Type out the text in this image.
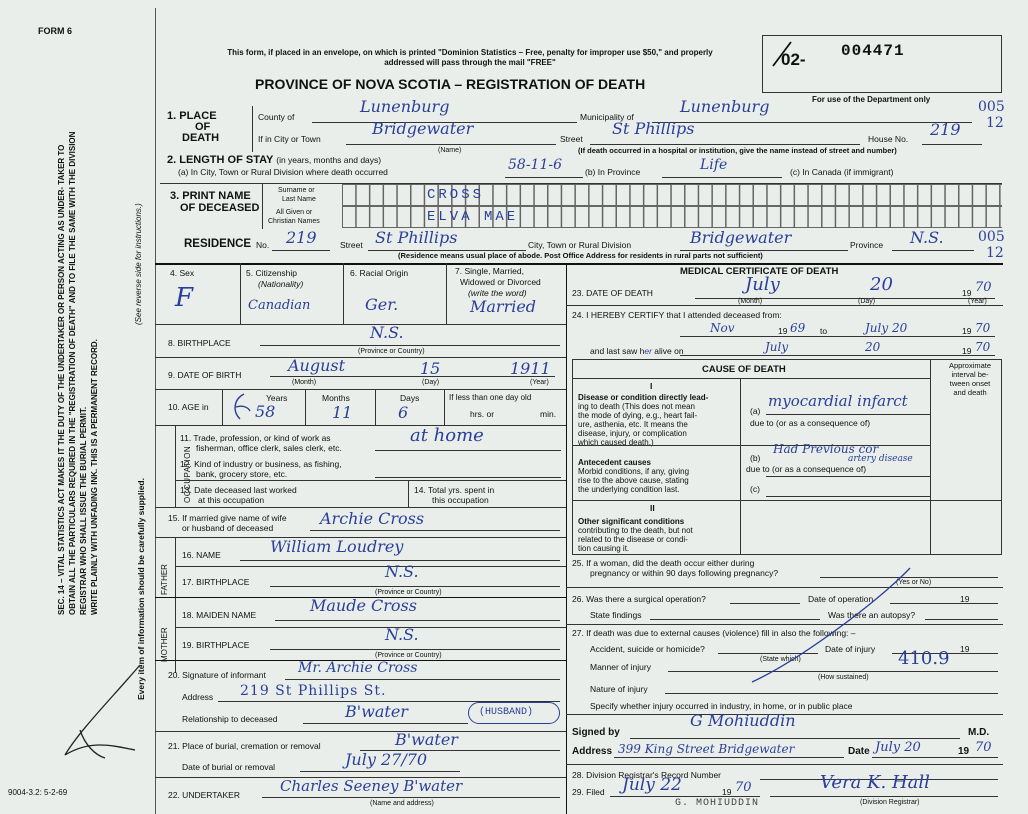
FORM 6
SEC. 14 – VITAL STATISTICS ACT MAKES IT THE DUTY OF THE UNDERTAKER OR PERSON ACTING AS UNDER- TAKER TO OBTAIN ALL THE PARTICULARS REQUIRED IN THE "REGISTRATION OF DEATH" AND TO FILE THE SAME WITH THE DIVISION REGISTRAR WHO SHALL ISSUE THE BURIAL PERMIT. WRITE PLAINLY WITH UNFADING INK. THIS IS A PERMANENT RECORD.
(See reverse side for instructions.)
Every item of information should be carefully supplied.
9004-3.2: 5-2-69
This form, if placed in an envelope, on which is printed "Dominion Statistics – Free, penalty for improper use $50," and properly addressed will pass through the mail "FREE"
PROVINCE OF NOVA SCOTIA – REGISTRATION OF DEATH
02- 004471
For use of the Department only
1. PLACE
OF
DEATH
County of
Lunenburg
Municipality of
Lunenburg	005
12
If in City or Town
Bridgewater
(Name)
Street
St Phillips
House No. 219
(If death occurred in a hospital or institution, give the name instead of street and number)
2. LENGTH OF STAY (in years, months and days)
(a) In City, Town or Rural Division where death occurred	58-11-6	(b) In Province	Life	(c) In Canada (if immigrant)
3. PRINT NAME
OF DECEASED
Surname or
Last Name
All Given or
Christian Names
CROSS
ELVA MAE
RESIDENCE No. 219	Street St Phillips	City, Town or Rural Division	Bridgewater	Province N.S. 005
12
(Residence means usual place of abode. Post Office Address for residents in rural parts not sufficient)
4. Sex
F
5. Citizenship
(Nationality)
Canadian
6. Racial Origin
Ger.
7. Single, Married,
Widowed or Divorced
(write the word)
Married
8. BIRTHPLACE
N.S.
(Province or Country)
9. DATE OF BIRTH	August	15	1911
(Month)	(Day)	(Year)
10. AGE in
Years
58
Months
11
Days
6
If less than one day old
hrs. or	min.
OCCUPATION
11. Trade, profession, or kind of work as
fisherman, office clerk, sales clerk, etc.
at home
12. Kind of industry or business, as fishing,
bank, grocery store, etc.
13. Date deceased last worked
at this occupation
14. Total yrs. spent in
this occupation
15. If married give name of wife
or husband of deceased	Archie Cross
FATHER
16. NAME	William Loudrey
17. BIRTHPLACE
N.S.
(Province or Country)
MOTHER
18. MAIDEN NAME	Maude Cross
19. BIRTHPLACE
N.S.
(Province or Country)
20. Signature of informant Mr. Archie Cross
Address 219 St Phillips St.
Relationship to deceased	B'water	(HUSBAND)
21. Place of burial, cremation or removal	B'water
Date of burial or removal	July 27/70
22. UNDERTAKER	Charles Seeney B'water
(Name and address)
MEDICAL CERTIFICATE OF DEATH
23. DATE OF DEATH	July	20	19 70
(Month)	(Day)	(Year)
24. I HEREBY CERTIFY that I attended deceased from:
Nov	19 69 to	July 20	19 70
and last saw her alive on	July	20	19 70
CAUSE OF DEATH	Approximate
interval be-
tween onset
and death
I
Disease or condition directly lead-
ing to death (This does not mean
the mode of dying, e.g., heart fail-
ure, asthenia, etc. It means the
disease, injury, or complication
which caused death.)
(a)
myocardial infarct
due to (or as a consequence of)
Antecedent causes
Morbid conditions, if any, giving
rise to the above cause, stating
the underlying condition last.
(b)
Had Previous cor
artery disease
due to (or as a consequence of)
(c)
II
Other significant conditions
contributing to the death, but not
related to the disease or condi-
tion causing it.
25. If a woman, did the death occur either during
pregnancy or within 90 days following pregnancy?
(Yes or No)
26. Was there a surgical operation?	Date of operation	19
State findings	Was there an autopsy?
27. If death was due to external causes (violence) fill in also the following: –
Accident, suicide or homicide?
(State which)
Date of injury	19
Manner of injury
(How sustained)
410.9
Nature of injury
Specify whether injury occurred in industry, in home, or in public place
Signed by
G Mohiuddin
M.D.
Address 399 King Street Bridgewater	Date July 20	19 70
28. Division Registrar's Record Number
29. Filed July 22	19 70	Vera K. Hall
(Division Registrar)
G. MOHIUDDIN
